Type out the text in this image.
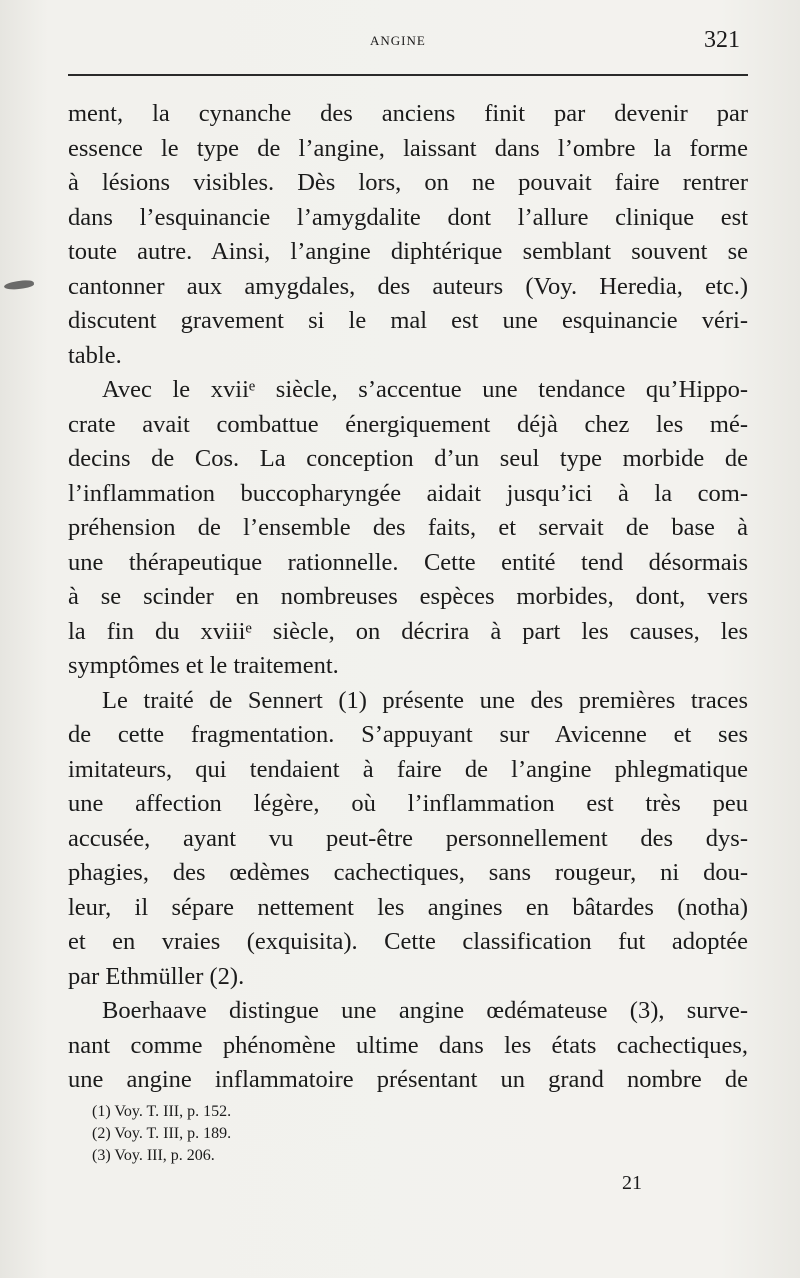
ANGINE	321
ment, la cynanche des anciens finit par devenir par
essence le type de l’angine, laissant dans l’ombre la forme
à lésions visibles. Dès lors, on ne pouvait faire rentrer
dans l’esquinancie l’amygdalite dont l’allure clinique est
toute autre. Ainsi, l’angine diphtérique semblant souvent se
cantonner aux amygdales, des auteurs (Voy. Heredia, etc.)
discutent gravement si le mal est une esquinancie véri-
table.
Avec le xviiᵉ siècle, s’accentue une tendance qu’Hippo-
crate avait combattue énergiquement déjà chez les mé-
decins de Cos. La conception d’un seul type morbide de
l’inflammation buccopharyngée aidait jusqu’ici à la com-
préhension de l’ensemble des faits, et servait de base à
une thérapeutique rationnelle. Cette entité tend désormais
à se scinder en nombreuses espèces morbides, dont, vers
la fin du xviiiᵉ siècle, on décrira à part les causes, les
symptômes et le traitement.
Le traité de Sennert (1) présente une des premières traces
de cette fragmentation. S’appuyant sur Avicenne et ses
imitateurs, qui tendaient à faire de l’angine phlegmatique
une affection légère, où l’inflammation est très peu
accusée, ayant vu peut-être personnellement des dys-
phagies, des œdèmes cachectiques, sans rougeur, ni dou-
leur, il sépare nettement les angines en bâtardes (notha)
et en vraies (exquisita). Cette classification fut adoptée
par Ethmüller (2).
Boerhaave distingue une angine œdémateuse (3), surve-
nant comme phénomène ultime dans les états cachectiques,
une angine inflammatoire présentant un grand nombre de
(1) Voy. T. III, p. 152.
(2) Voy. T. III, p. 189.
(3) Voy. III, p. 206.
21
